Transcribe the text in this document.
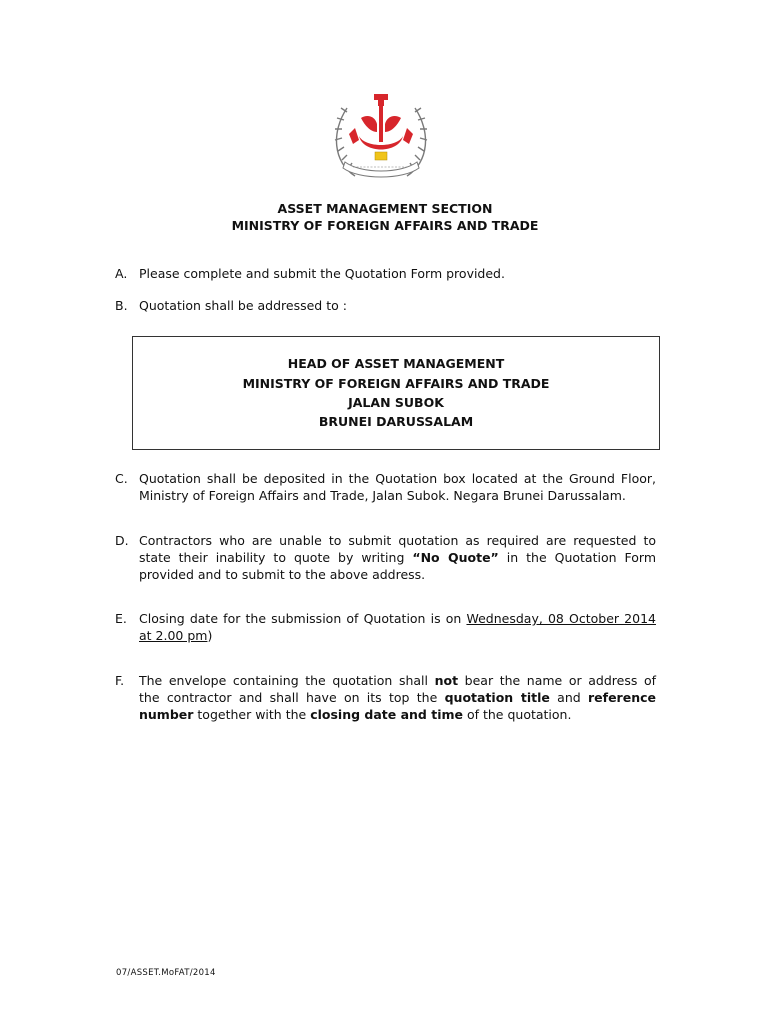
ASSET MANAGEMENT SECTION
MINISTRY OF FOREIGN AFFAIRS AND TRADE
A. Please complete and submit the Quotation Form provided.
B. Quotation shall be addressed to :
HEAD OF ASSET MANAGEMENT
MINISTRY OF FOREIGN AFFAIRS AND TRADE
JALAN SUBOK
BRUNEI DARUSSALAM
C. Quotation shall be deposited in the Quotation box located at the Ground Floor,
Ministry of Foreign Affairs and Trade, Jalan Subok. Negara Brunei Darussalam.
D. Contractors who are unable to submit quotation as required are requested to
state their inability to quote by writing “No Quote” in the Quotation Form
provided and to submit to the above address.
E. Closing date for the submission of Quotation is on Wednesday, 08 October 2014
at 2.00 pm)
F.	The envelope containing the quotation shall not bear the name or address of
the contractor and shall have on its top the quotation title and reference
number together with the closing date and time of the quotation.
07/ASSET.MoFAT/2014
